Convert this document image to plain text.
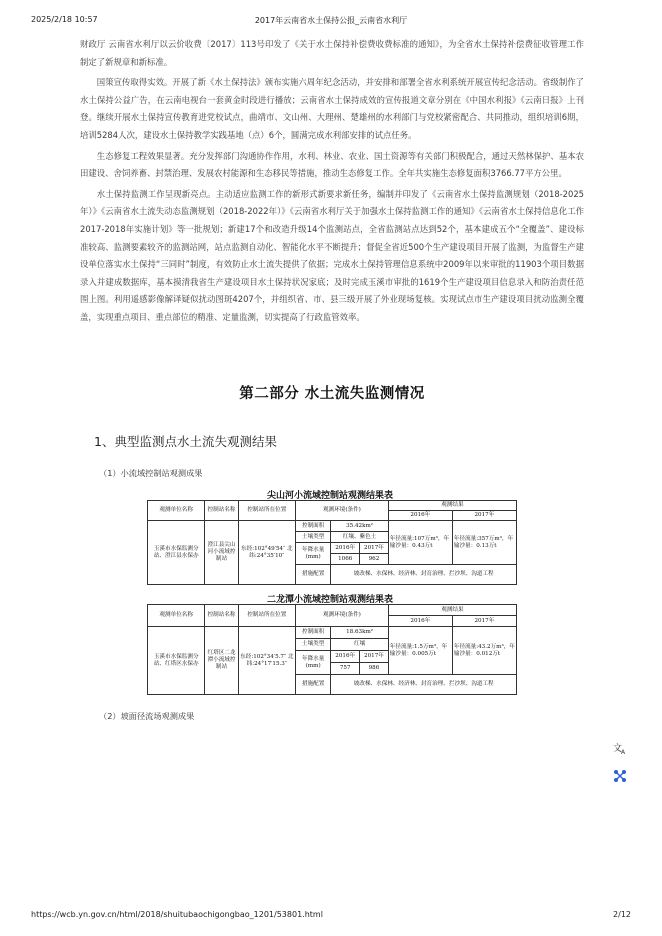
2025/2/18 10:57	2017年云南省水土保持公报_云南省水利厅

财政厅 云南省水利厅以云价收费〔2017〕113号印发了《关于水土保持补偿费收费标准的通知》，为全省水土保持补偿费征收管理工作制定了新规章和新标准。

国策宣传取得实效。开展了新《水土保持法》颁布实施六周年纪念活动，并安排和部署全省水利系统开展宣传纪念活动。省级制作了水土保持公益广告，在云南电视台一套黄金时段进行播放；云南省水土保持成效的宣传报道文章分别在《中国水利报》《云南日报》上刊登。继续开展水土保持宣传教育进党校试点，曲靖市、文山州、大理州、楚雄州的水利部门与党校紧密配合、共同推动，组织培训6期，培训5284人次，建设水土保持教学实践基地（点）6个，圆满完成水利部安排的试点任务。

生态修复工程效果显著。充分发挥部门沟通协作作用，水利、林业、农业、国土资源等有关部门积极配合，通过天然林保护、基本农田建设、舍饲养畜、封禁治理、发展农村能源和生态移民等措施，推动生态修复工作。全年共实施生态修复面积3766.77平方公里。

水土保持监测工作呈现新亮点。主动适应监测工作的新形式新要求新任务，编制并印发了《云南省水土保持监测规划（2018-2025年）》《云南省水土流失动态监测规划（2018-2022年）》《云南省水利厅关于加强水土保持监测工作的通知》《云南省水土保持信息化工作2017-2018年实施计划》等一批规划；新建17个和改造升级14个监测站点，全省监测站点达到52个，基本建成五个“全覆盖”、建设标准较高、监测要素较齐的监测站网，站点监测自动化、智能化水平不断提升；督促全省近500个生产建设项目开展了监测，为监督生产建设单位落实水土保持“三同时”制度，有效防止水土流失提供了依据；完成水土保持管理信息系统中2009年以来审批的11903个项目数据录入并建成数据库，基本摸清我省生产建设项目水土保持状况家底；及时完成玉溪市审批的1619个生产建设项目信息录入和防治责任范围上图。利用遥感影像解译疑似扰动图斑4207个，并组织省、市、县三级开展了外业现场复核。实现试点市生产建设项目扰动监测全覆盖，实现重点项目、重点部位的精准、定量监测，切实提高了行政监管效率。

第二部分 水土流失监测情况
1、典型监测点水土流失观测结果
（1）小流域控制站观测成果
尖山河小流域控制站观测结果表
观测单位名称	控制站名称	控制站所在位置	观测环境(条件)			观测结果	
						2016年	2017年
玉溪市水保监测分站、澄江县水保办	澄江县尖山河小流域控制站	东经:102°49′54″ 北纬:24°35′10″	控制面积	35.42km²		年径流量:107万m³，年输沙量：0.43万t	年径流量:357万m³，年输沙量：0.13万t
			土壤类型	红壤、紫色土			
			年降水量(mm)	2016年	2017年		
				1066	962		
			措施配置	坡改梯、水保林、经济林、封育治理、拦沙坝、沟道工程			
二龙潭小流域控制站观测结果表
观测单位名称	控制站名称	控制站所在位置	观测环境(条件)			观测结果	
						2016年	2017年
玉溪市水保监测分站、红塔区水保办	红塔区二龙潭小流域控制站	东经:102°34′5.7″ 北纬:24°17′15.3″	控制面积	18.63km²		年径流量:1.5万m³，年输沙量：0.005万t	年径流量:43.2万m³，年输沙量：0.012万t
			土壤类型	红壤			
			年降水量(mm)	2016年	2017年		
				757	986		
			措施配置	坡改梯、水保林、经济林、封育治理、拦沙坝、沟道工程			
（2）坡面径流场观测成果
文
A
https://wcb.yn.gov.cn/html/2018/shuitubaochigongbao_1201/53801.html	2/12
